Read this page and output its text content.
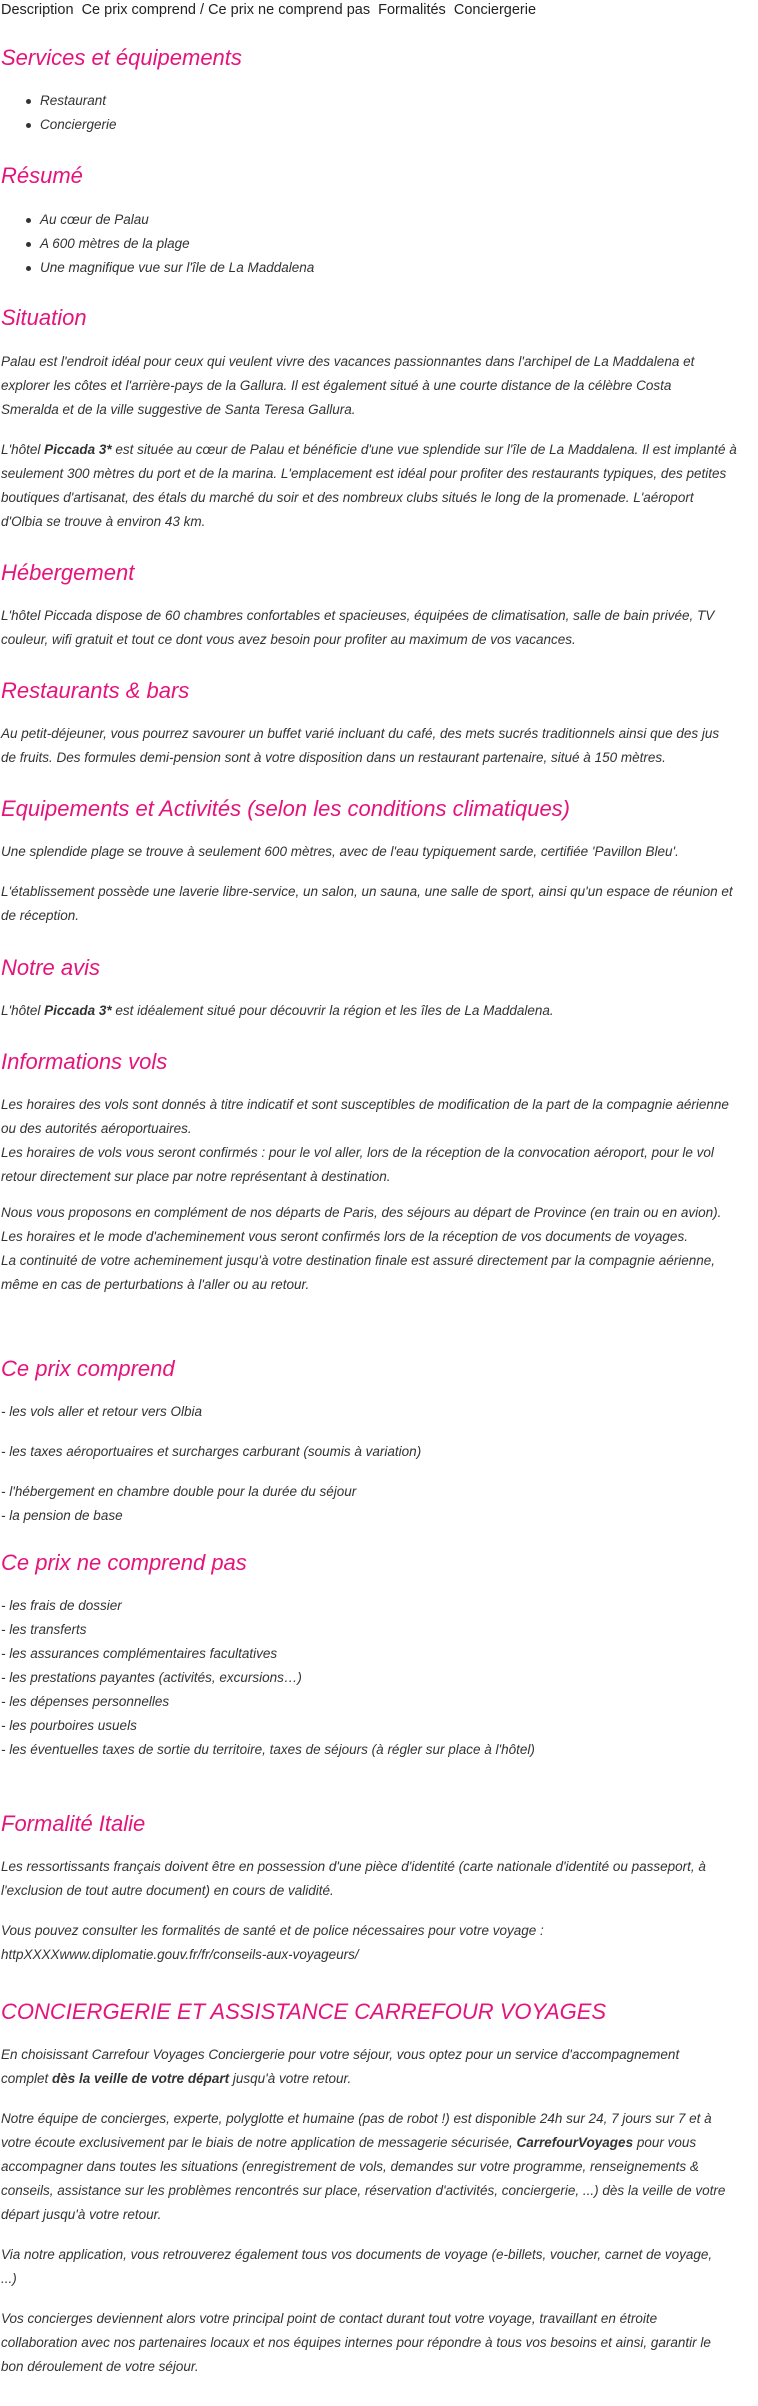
Description Ce prix comprend / Ce prix ne comprend pas Formalités Conciergerie
Services et équipements
Restaurant
Conciergerie
Résumé
Au cœur de Palau
A 600 mètres de la plage
Une magnifique vue sur l'île de La Maddalena
Situation

Palau est l'endroit idéal pour ceux qui veulent vivre des vacances passionnantes dans l'archipel de La Maddalena et

explorer les côtes et l'arrière-pays de la Gallura. Il est également situé à une courte distance de la célèbre Costa

Smeralda et de la ville suggestive de Santa Teresa Gallura.

L'hôtel Piccada 3* est située au cœur de Palau et bénéficie d'une vue splendide sur l'île de La Maddalena. Il est implanté à

seulement 300 mètres du port et de la marina. L'emplacement est idéal pour profiter des restaurants typiques, des petites

boutiques d'artisanat, des étals du marché du soir et des nombreux clubs situés le long de la promenade. L'aéroport

d'Olbia se trouve à environ 43 km.

Hébergement

L'hôtel Piccada dispose de 60 chambres confortables et spacieuses, équipées de climatisation, salle de bain privée, TV

couleur, wifi gratuit et tout ce dont vous avez besoin pour profiter au maximum de vos vacances.

Restaurants & bars

Au petit-déjeuner, vous pourrez savourer un buffet varié incluant du café, des mets sucrés traditionnels ainsi que des jus

de fruits. Des formules demi-pension sont à votre disposition dans un restaurant partenaire, situé à 150 mètres.

Equipements et Activités (selon les conditions climatiques)

Une splendide plage se trouve à seulement 600 mètres, avec de l'eau typiquement sarde, certifiée 'Pavillon Bleu'.

L'établissement possède une laverie libre-service, un salon, un sauna, une salle de sport, ainsi qu'un espace de réunion et

de réception.

Notre avis

L'hôtel Piccada 3* est idéalement situé pour découvrir la région et les îles de La Maddalena.

Informations vols

Les horaires des vols sont donnés à titre indicatif et sont susceptibles de modification de la part de la compagnie aérienne

ou des autorités aéroportuaires.

Les horaires de vols vous seront confirmés : pour le vol aller, lors de la réception de la convocation aéroport, pour le vol

retour directement sur place par notre représentant à destination.

Nous vous proposons en complément de nos départs de Paris, des séjours au départ de Province (en train ou en avion).

Les horaires et le mode d'acheminement vous seront confirmés lors de la réception de vos documents de voyages.

La continuité de votre acheminement jusqu'à votre destination finale est assuré directement par la compagnie aérienne,

même en cas de perturbations à l'aller ou au retour.

Ce prix comprend

- les vols aller et retour vers Olbia

- les taxes aéroportuaires et surcharges carburant (soumis à variation)

- l'hébergement en chambre double pour la durée du séjour

- la pension de base

Ce prix ne comprend pas

- les frais de dossier

- les transferts

- les assurances complémentaires facultatives

- les prestations payantes (activités, excursions…)

- les dépenses personnelles

- les pourboires usuels

- les éventuelles taxes de sortie du territoire, taxes de séjours (à régler sur place à l'hôtel)

Formalité Italie

Les ressortissants français doivent être en possession d'une pièce d'identité (carte nationale d'identité ou passeport, à

l'exclusion de tout autre document) en cours de validité.

Vous pouvez consulter les formalités de santé et de police nécessaires pour votre voyage :

httpXXXXwww.diplomatie.gouv.fr/fr/conseils-aux-voyageurs/

CONCIERGERIE ET ASSISTANCE CARREFOUR VOYAGES

En choisissant Carrefour Voyages Conciergerie pour votre séjour, vous optez pour un service d'accompagnement

complet dès la veille de votre départ jusqu'à votre retour.

Notre équipe de concierges, experte, polyglotte et humaine (pas de robot !) est disponible 24h sur 24, 7 jours sur 7 et à

votre écoute exclusivement par le biais de notre application de messagerie sécurisée, CarrefourVoyages pour vous

accompagner dans toutes les situations (enregistrement de vols, demandes sur votre programme, renseignements &

conseils, assistance sur les problèmes rencontrés sur place, réservation d'activités, conciergerie, ...) dès la veille de votre

départ jusqu'à votre retour.

Via notre application, vous retrouverez également tous vos documents de voyage (e-billets, voucher, carnet de voyage,

...)

Vos concierges deviennent alors votre principal point de contact durant tout votre voyage, travaillant en étroite

collaboration avec nos partenaires locaux et nos équipes internes pour répondre à tous vos besoins et ainsi, garantir le

bon déroulement de votre séjour.
